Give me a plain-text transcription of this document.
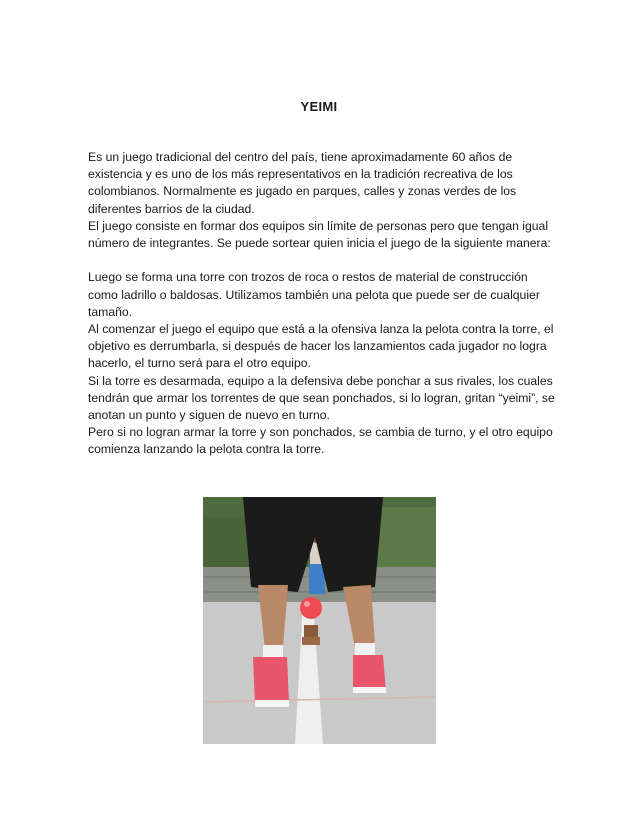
YEIMI

Es un juego tradicional del centro del país, tiene aproximadamente 60 años de existencia y es uno de los más representativos en la tradición recreativa de los colombianos. Normalmente es jugado en parques, calles y zonas verdes de los diferentes barrios de la ciudad.

El juego consiste en formar dos equipos sin límite de personas pero que tengan igual número de integrantes. Se puede sortear quien inicia el juego de la siguiente manera:

Luego se forma una torre con trozos de roca o restos de material de construcción como ladrillo o baldosas. Utilizamos también una pelota que puede ser de cualquier tamaño.

Al comenzar el juego el equipo que está a la ofensiva lanza la pelota contra la torre, el objetivo es derrumbarla, si después de hacer los lanzamientos cada jugador no logra hacerlo, el turno será para el otro equipo.

Si la torre es desarmada, equipo a la defensiva debe ponchar a sus rivales, los cuales tendrán que armar los torrentes de que sean ponchados, si lo logran, gritan “yeimi”, se anotan un punto y siguen de nuevo en turno.

Pero si no logran armar la torre y son ponchados, se cambia de turno, y el otro equipo comienza lanzando la pelota contra la torre.
